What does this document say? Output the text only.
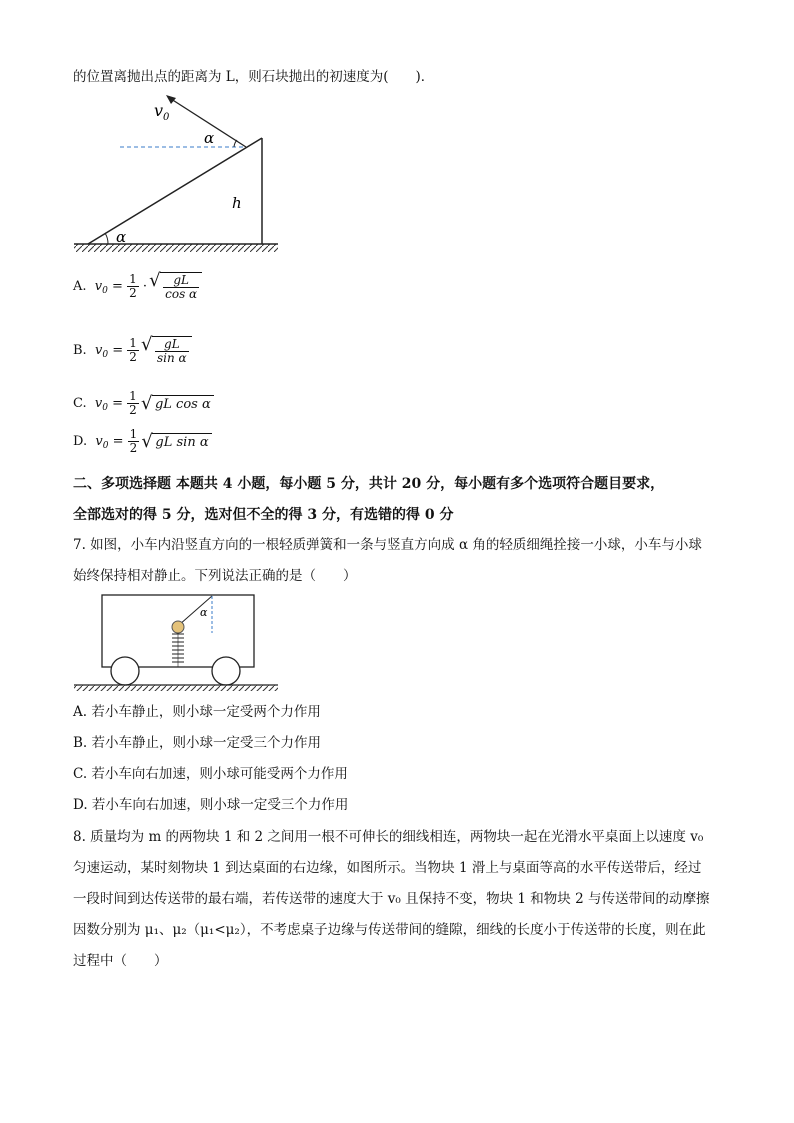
的位置离抛出点的距离为 L，则石块抛出的初速度为(　　)．
$v_0$
α
h
α
A. $v_0 = \frac{1}{2}$ · √ $\frac{gL}{\text{cos α}}$
B. $v_0 = \frac{1}{2}$
√ $\frac{gL}{\text{sin α}}$
C. $v_0 = \frac{1}{2}$ √ gL cos α
D. $v_0 = \frac{1}{2}$ √ gL sin α
二、多项选择题 本题共 4 小题，每小题 5 分，共计 20 分，每小题有多个选项符合题目要求，
全部选对的得 5 分，选对但不全的得 3 分，有选错的得 0 分
7. 如图，小车内沿竖直方向的一根轻质弹簧和一条与竖直方向成 α 角的轻质细绳拴接一小球，小车与小球
始终保持相对静止。下列说法正确的是（　　）
α
A. 若小车静止，则小球一定受两个力作用
B. 若小车静止，则小球一定受三个力作用
C. 若小车向右加速，则小球可能受两个力作用
D. 若小车向右加速，则小球一定受三个力作用
8. 质量均为 m 的两物块 1 和 2 之间用一根不可伸长的细线相连，两物块一起在光滑水平桌面上以速度 v₀
匀速运动，某时刻物块 1 到达桌面的右边缘，如图所示。当物块 1 滑上与桌面等高的水平传送带后，经过
一段时间到达传送带的最右端，若传送带的速度大于 v₀ 且保持不变，物块 1 和物块 2 与传送带间的动摩擦
因数分别为 μ₁、μ₂（μ₁<μ₂），不考虑桌子边缘与传送带间的缝隙，细线的长度小于传送带的长度，则在此
过程中（　　）
